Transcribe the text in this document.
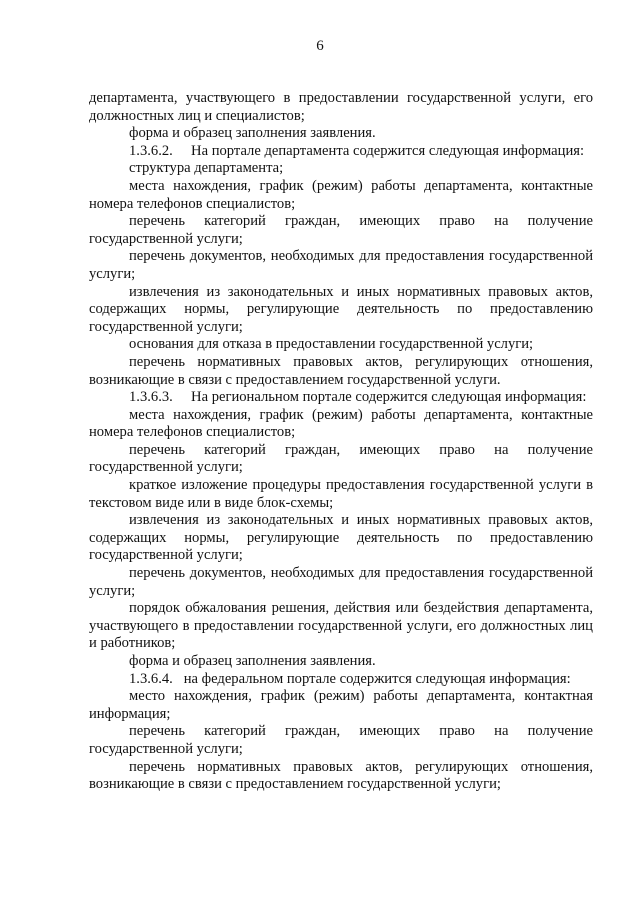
6

департамента, участвующего в предоставлении государственной услуги, его должностных лиц и специалистов;

форма и образец заполнения заявления.

1.3.6.2.     На портале департамента содержится следующая информация:

структура департамента;

места нахождения, график (режим) работы департамента, контактные номера телефонов специалистов;

перечень категорий граждан, имеющих право на получение государственной услуги;

перечень документов, необходимых для предоставления государственной услуги;

извлечения из законодательных и иных нормативных правовых актов, содержащих нормы, регулирующие деятельность по предоставлению государственной услуги;

основания для отказа в предоставлении государственной услуги;

перечень нормативных правовых актов, регулирующих отношения, возникающие в связи с предоставлением государственной услуги.

1.3.6.3.     На региональном портале содержится следующая информация:

места нахождения, график (режим) работы департамента, контактные номера телефонов специалистов;

перечень категорий граждан, имеющих право на получение государственной услуги;

краткое изложение процедуры предоставления государственной услуги в текстовом виде или в виде блок-схемы;

извлечения из законодательных и иных нормативных правовых актов, содержащих нормы, регулирующие деятельность по предоставлению государственной услуги;

перечень документов, необходимых для предоставления государственной услуги;

порядок обжалования решения, действия или бездействия департамента, участвующего в предоставлении государственной услуги, его должностных лиц и работников;

форма и образец заполнения заявления.

1.3.6.4.   на федеральном портале содержится следующая информация:

место нахождения, график (режим) работы департамента, контактная информация;

перечень категорий граждан, имеющих право на получение государственной услуги;

перечень нормативных правовых актов, регулирующих отношения, возникающие в связи с предоставлением государственной услуги;
